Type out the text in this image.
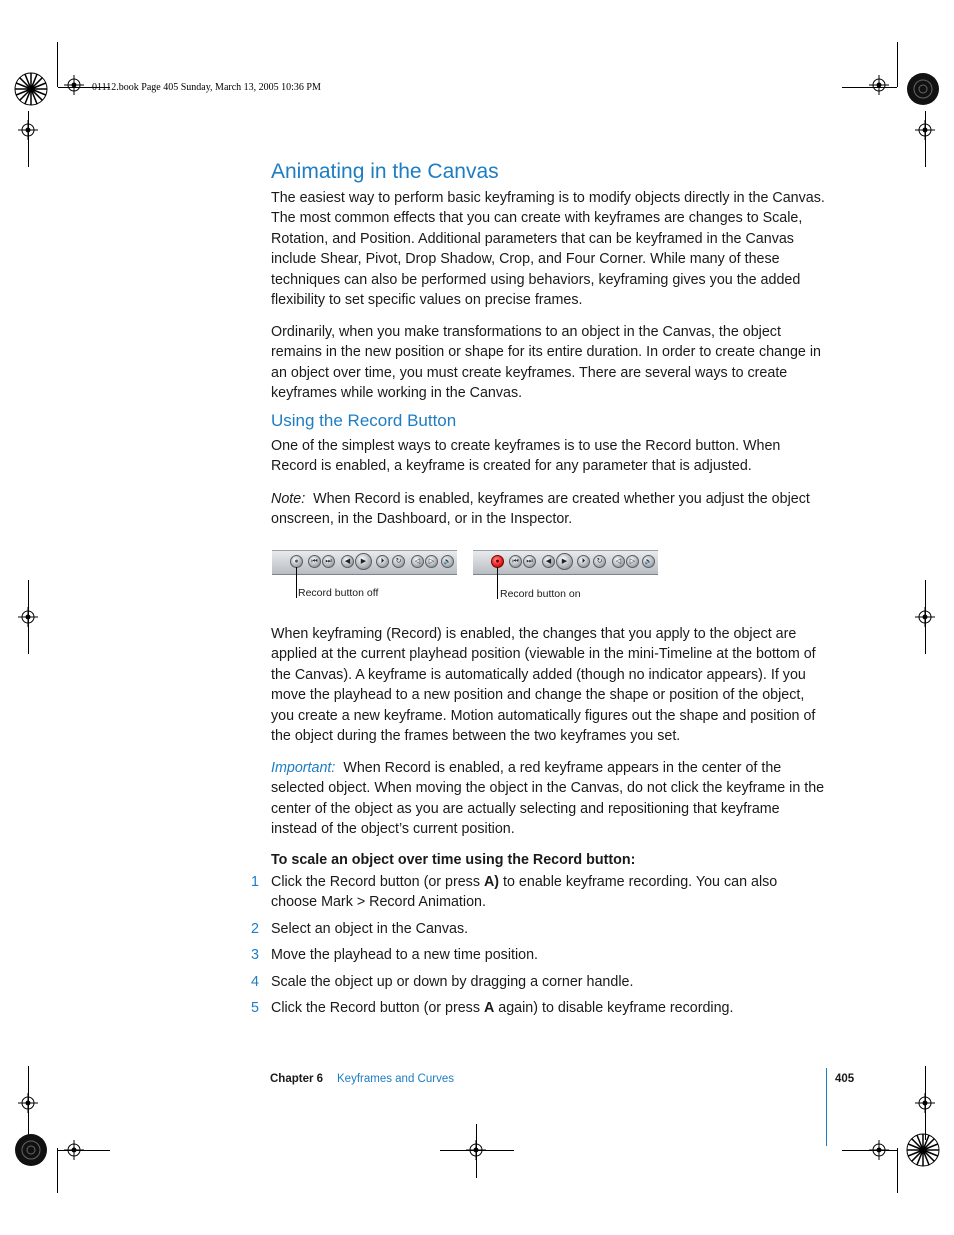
01112.book Page 405 Sunday, March 13, 2005 10:36 PM
Animating in the Canvas

The easiest way to perform basic keyframing is to modify objects directly in the Canvas. The most common effects that you can create with keyframes are changes to Scale, Rotation, and Position. Additional parameters that can be keyframed in the Canvas include Shear, Pivot, Drop Shadow, Crop, and Four Corner. While many of these techniques can also be performed using behaviors, keyframing gives you the added flexibility to set specific values on precise frames.

Ordinarily, when you make transformations to an object in the Canvas, the object remains in the new position or shape for its entire duration. In order to create change in an object over time, you must create keyframes. There are several ways to create keyframes while working in the Canvas.

Using the Record Button

One of the simplest ways to create keyframes is to use the Record button. When Record is enabled, a keyframe is created for any parameter that is adjusted.

Note: When Record is enabled, keyframes are created whether you adjust the object onscreen, in the Dashboard, or in the Inspector.

●	⏮	⏭	◀	▶	⏵	↻	◁	▷	🔊
Record button off
●	⏮	⏭	◀	▶	⏵	↻	◁	▷	🔊
Record button on

When keyframing (Record) is enabled, the changes that you apply to the object are applied at the current playhead position (viewable in the mini-Timeline at the bottom of the Canvas). A keyframe is automatically added (though no indicator appears). If you move the playhead to a new position and change the shape or position of the object, you create a new keyframe. Motion automatically figures out the shape and position of the object during the frames between the two keyframes you set.

Important: When Record is enabled, a red keyframe appears in the center of the selected object. When moving the object in the Canvas, do not click the keyframe in the center of the object as you are actually selecting and repositioning that keyframe instead of the object’s current position.

To scale an object over time using the Record button:

1 Click the Record button (or press A) to enable keyframe recording. You can also choose Mark > Record Animation.
2 Select an object in the Canvas.
3 Move the playhead to a new time position.
4 Scale the object up or down by dragging a corner handle.
5 Click the Record button (or press A again) to disable keyframe recording.
Chapter 6 Keyframes and Curves	405
